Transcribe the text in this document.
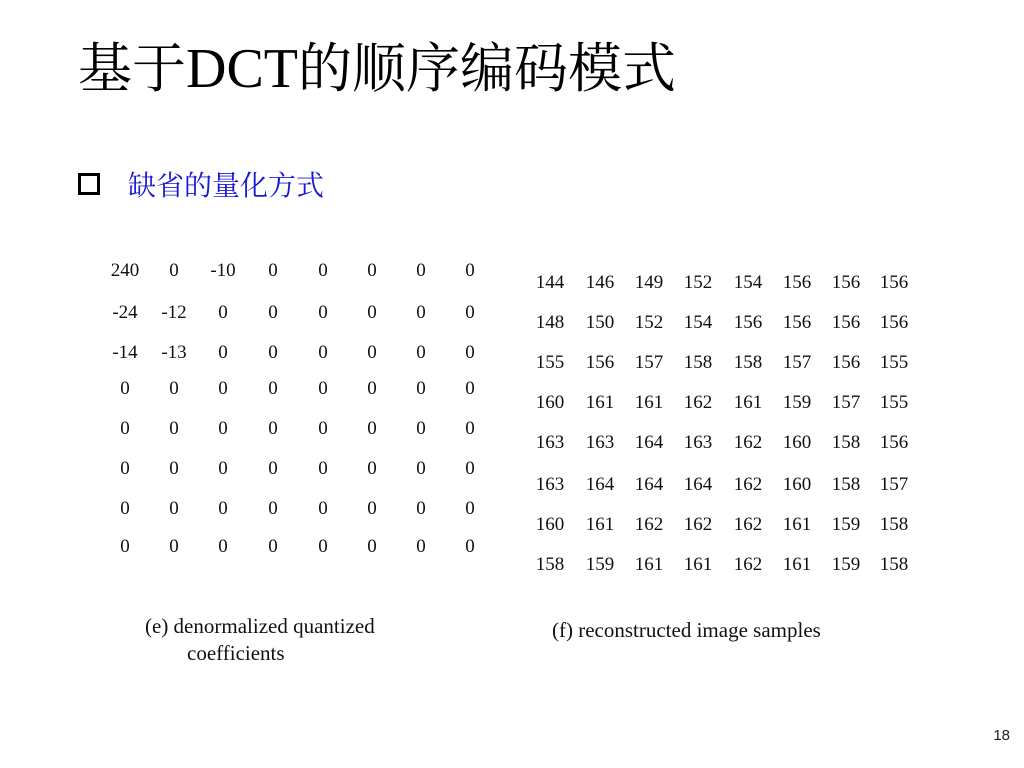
基于DCT的顺序编码模式
缺省的量化方式
240	0	-10	0	0	0	0	0
-24	-12	0	0	0	0	0	0
-14	-13	0	0	0	0	0	0
0	0	0	0	0	0	0	0
0	0	0	0	0	0	0	0
0	0	0	0	0	0	0	0
0	0	0	0	0	0	0	0
0	0	0	0	0	0	0	0
144	146	149	152	154	156	156	156
148	150	152	154	156	156	156	156
155	156	157	158	158	157	156	155
160	161	161	162	161	159	157	155
163	163	164	163	162	160	158	156
163	164	164	164	162	160	158	157
160	161	162	162	162	161	159	158
158	159	161	161	162	161	159	158
(e) denormalized quantized
coefficients
(f) reconstructed image samples
18
